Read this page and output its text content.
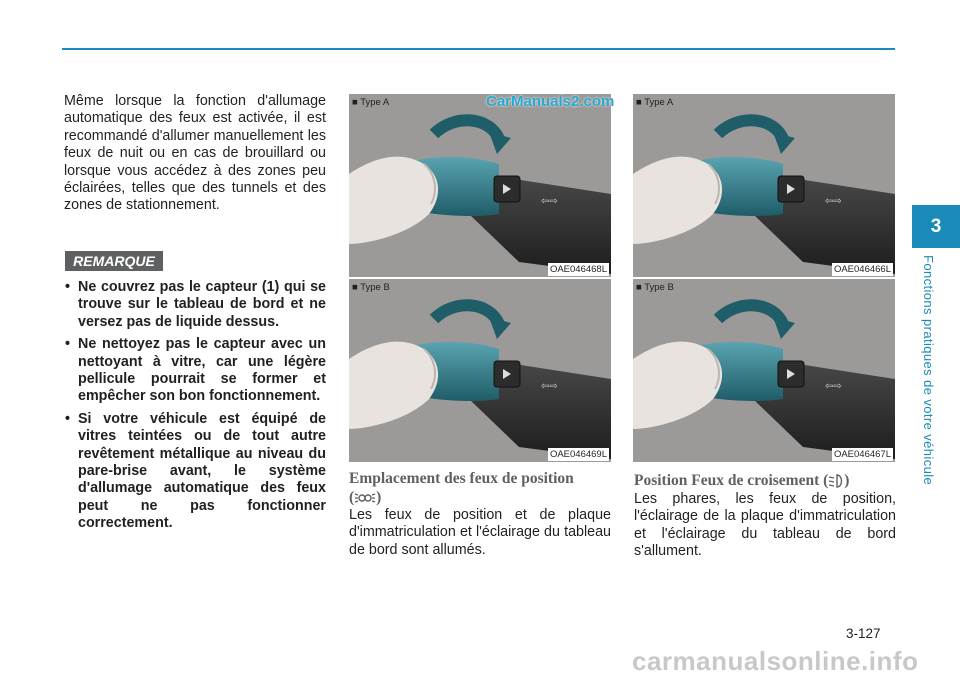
Même lorsque la fonction d'allumage automatique des feux est activée, il est recommandé d'allumer manuellement les feux de nuit ou en cas de brouillard ou lorsque vous accédez à des zones peu éclairées, telles que des tunnels et des zones de stationnement.

REMARQUE
• Ne couvrez pas le capteur (1) qui se trouve sur le tableau de bord et ne versez pas de liquide dessus.
• Ne nettoyez pas le capteur avec un nettoyant à vitre, car une légère pellicule pourrait se former et empêcher son bon fonctionnement.
• Si votre véhicule est équipé de vitres teintées ou de tout autre revêtement métallique au niveau du pare-brise avant, le système d'allumage automatique des feux peut ne pas fonctionner correctement.
■ Type A
OAE046468L
CarManuals2.com
■ Type B
OAE046469L
■ Type A
OAE046466L
■ Type B
OAE046467L
Emplacement des feux de position
( )

Les feux de position et de plaque d'immatriculation et l'éclairage du tableau de bord sont allumés.

Position Feux de croisement ( )

Les phares, les feux de position, l'éclairage de la plaque d'immatriculation et l'éclairage du tableau de bord s'allument.

3
Fonctions pratiques de votre véhicule
3-127
carmanualsonline.info
